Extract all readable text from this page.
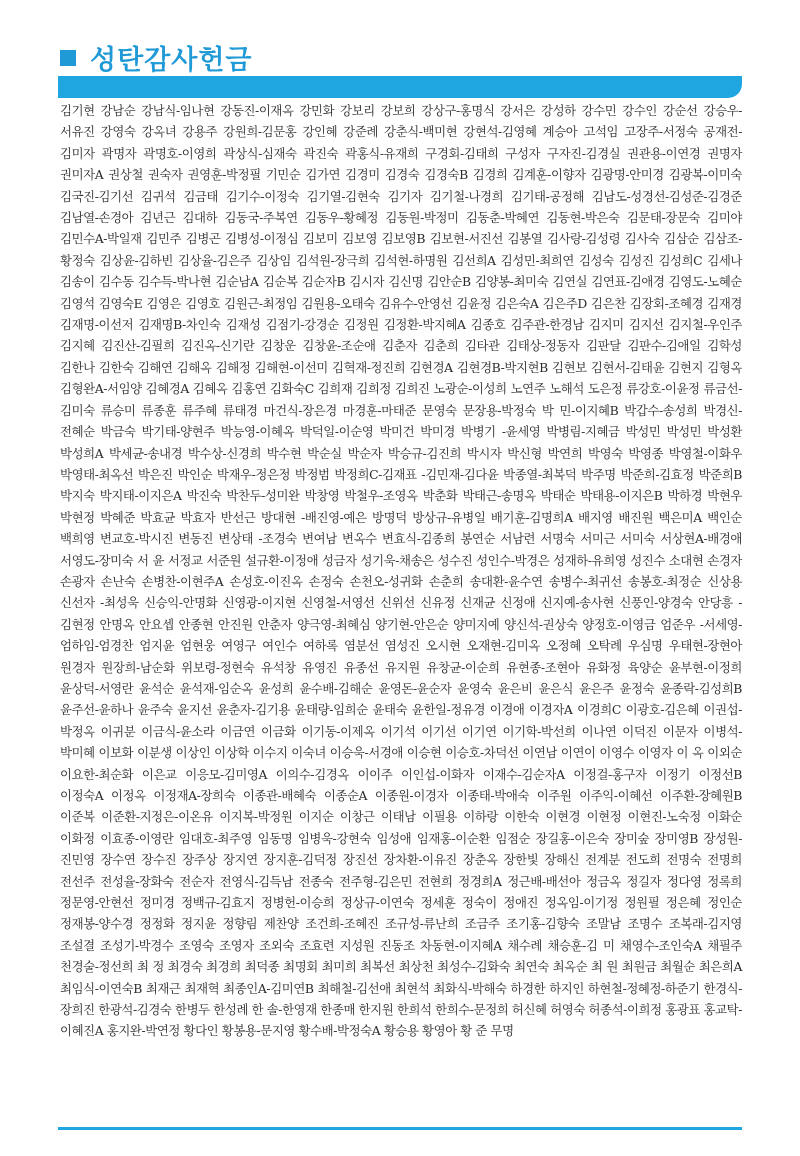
성탄감사헌금
김기현 강남순 강남식-임나현 강동진-이재옥 강민화 강보리 강보희 강상구-홍명식 강서은 강성하 강수민 강수인 강순선 강승우-서유진 강영숙 강옥녀 강용주 강원희-김문홍 강인혜 강준례 강춘식-백미현 강현석-김영혜 계승아 고석임 고장주-서정숙 공재전-김미자 곽명자 곽명호-이영희 곽상식-심재숙 곽진숙 곽홍식-유재희 구경회-김태희 구성자 구자진-김경실 권관용-이연경 권명자 권미자A 권상철 권숙자 권영훈-박정필 기민순 김가연 김경미 김경숙 김경숙B 김경희 김계훈-이향자 김광명-안미경 김광복-이미숙 김국진-김기선 김귀석 김금태 김기수-이정숙 김기열-김현숙 김기자 김기철-나경희 김기태-공정해 김남도-성경선-김성준-김경준 김남열-손경아 김년근 김대하 김동국-주복연 김동우-황혜정 김동원-박정미 김동춘-박혜연 김동현-박은숙 김문태-장문숙 김미야 김민수A-박일재 김민주 김병곤 김병성-이정심 김보미 김보영 김보영B 김보현-서진선 김봉열 김사랑-김성령 김사숙 김삼순 김삼조-황정숙 김상윤-김하빈 김상율-김은주 김상임 김석원-장극희 김석현-하명원 김선희A 김성민-최희연 김성숙 김성진 김성희C 김세나 김송이 김수동 김수득-박나현 김순남A 김순복 김순자B 김시자 김신명 김안순B 김양봉-최미숙 김연실 김연표-김애경 김영도-노혜순 김영석 김영숙E 김영은 김영호 김원근-최정임 김원용-오태숙 김유수-안영선 김윤정 김은숙A 김은주D 김은찬 김장회-조혜경 김재경 김재명-이선저 김재명B-차인숙 김재성 김점기-강경순 김정원 김정환-박지혜A 김종호 김주관-한경남 김지미 김지선 김지철-우인주 김지혜 김진산-김필희 김진옥-신기란 김창운 김창윤-조순애 김춘자 김춘희 김타관 김태상-정동자 김판달 김판수-김애일 김학성 김한나 김한숙 김해연 김해옥 김해정 김해현-이선미 김혁재-정진희 김현경A 김현경B-박지현B 김현보 김현서-김태윤 김현지 김형옥 김형완A-서임양 김혜경A 김혜옥 김홍연 김화숙C 김희재 김희정 김희진 노광순-이성희 노연주 노해석 도은정 류강호-이윤정 류금선-김미숙 류승미 류종훈 류주혜 류태경 마건식-장은경 마경훈-마태준 문영숙 문장용-박정숙 박 민-이지혜B 박갑수-송성희 박경신-전혜순 박금숙 박기태-양현주 박능영-이혜옥 박덕일-이순영 박미건 박미경 박병기 -윤세영 박병림-지혜금 박성민 박성민 박성환 박성희A 박세균-송내경 박수상-신경희 박수현 박순실 박순자 박승규-김진희 박시자 박신형 박연희 박영숙 박영종 박영철-이화우 박영태-최옥선 박은진 박인순 박재우-정은정 박정범 박정희C-김재표 -김민재-김다윤 박종열-최복덕 박주명 박준희-김효정 박준희B 박지숙 박지태-이지은A 박진숙 박찬두-성미완 박창영 박철우-조영옥 박춘화 박태근-송명옥 박태순 박태용-이지은B 박하경 박현우 박현정 박혜준 박효균 박효자 반선근 방대현 -배진영-예은 방명덕 방상규-유병일 배기훈-김명희A 배지영 배진원 백은미A 백인순 백희영 변교호-박시진 변동진 변상태 -조경숙 변여남 변옥수 변효식-김종희 봉연순 서남련 서명숙 서미근 서미숙 서상현A-배경애 서영도-장미숙 서 윤 서정교 서준원 설규환-이정애 성금자 성기욱-채송은 성수진 성인수-박경은 성재하-유희영 성진수 소대현 손경자 손광자 손난숙 손병찬-이현주A 손성호-이진옥 손정숙 손천오-성귀화 손춘희 송대환-윤수연 송병수-최귀선 송봉호-최정순 신상용 신선자 -최성욱 신승익-안명화 신영광-이지현 신영철-서영선 신위선 신유정 신재균 신정애 신지예-송사현 신풍인-양경숙 안당흥 -김현정 안명옥 안요셉 안종현 안진원 안춘자 양극영-최혜심 양기현-안은순 양미지예 양신석-권상숙 양정호-이영금 엄준우 -서세영-엄하임-엄경찬 엄지윤 엄현웅 여영구 여인수 여하록 염분선 염성진 오시현 오재현-김미옥 오정혜 오탁례 우심명 우태현-장현아 원경자 원장희-남순화 위보령-정현숙 유석창 유영진 유종선 유지원 유창균-이순희 유현종-조현아 유화정 육양순 윤부현-이정희 윤상덕-서영란 윤석순 윤석재-임순옥 윤성희 윤수배-김해순 윤영돈-윤순자 윤영숙 윤은비 윤은식 윤은주 윤정숙 윤종락-김성희B 윤주선-윤하나 윤주숙 윤지선 윤춘자-김기용 윤태량-임희순 윤태숙 윤한일-정유경 이경애 이경자A 이경희C 이광호-김은혜 이권섭-박정옥 이귀분 이금식-윤소라 이금연 이금화 이기동-이제옥 이기석 이기선 이기연 이기학-박선희 이나연 이덕진 이문자 이병석-박미혜 이보화 이분생 이상인 이상학 이수지 이숙녀 이승욱-서경애 이승현 이승호-차덕선 이연남 이연이 이영수 이영자 이 옥 이외순 이요한-최순화 이은교 이응모-김미영A 이의수-김경옥 이이주 이인섭-이화자 이재수-김순자A 이정걸-홍구자 이정기 이정선B 이정숙A 이정옥 이정재A-장희숙 이종관-배혜숙 이종순A 이종원-이경자 이종태-박애숙 이주원 이주익-이혜선 이주환-장혜원B 이준복 이준환-지정은-이온유 이지복-박정원 이지순 이창근 이태남 이필용 이하랑 이한숙 이현경 이현정 이현진-노숙정 이화순 이화정 이효종-이영란 임대호-최주영 임동명 임병욱-강현숙 임성애 임재홍-이순환 임점순 장길홍-이은숙 장미숲 장미영B 장성원-진민영 장수연 장수진 장주상 장지연 장지훈-김덕정 장진선 장차환-이유진 장춘옥 장한빛 장해신 전계분 전도희 전명숙 전명희 전선주 전성율-장화숙 전순자 전영식-김득남 전종숙 전주형-김은민 전현희 정경희A 정근배-배선아 정금옥 정길자 정다영 정록희 정문영-안현선 정미경 정백규-김효지 정병헌-이승희 정상규-이연숙 정세훈 정숙이 정애진 정옥임-이기정 정원필 정은혜 정인순 정재봉-양수경 정정화 정지윤 정향림 제찬양 조건희-조혜진 조규성-류난희 조금주 조기홍-김향숙 조말남 조명수 조복래-김지영 조설결 조성기-박경수 조영숙 조영자 조외숙 조효련 지성원 진동조 차동현-이지혜A 채수례 채승훈-김 미 채영수-조인숙A 채필주 천경술-정선희 최 정 최경숙 최경희 최덕종 최명회 최미희 최복선 최상천 최성수-김화숙 최연숙 최옥순 최 원 최원금 최월순 최은희A 최임식-이연숙B 최재근 최재혁 최종인A-김미연B 최해철-김선애 최현석 최화식-박해숙 하경한 하지인 하현철-정혜정-하준기 한경식-장희진 한광석-김경숙 한병두 한성례 한 솔-한영재 한종매 한지원 한희석 한희수-문정희 허신혜 허영숙 허종석-이희정 홍광표 홍교탁-이혜진A 홍지완-박연정 황다인 황봉용-문지영 황수배-박정숙A 황승용 황영아 황 준 무명
